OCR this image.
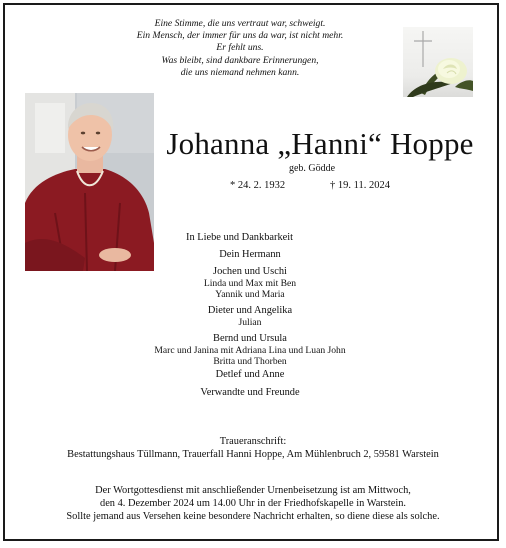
Eine Stimme, die uns vertraut war, schweigt.
Ein Mensch, der immer für uns da war, ist nicht mehr.
Er fehlt uns.
Was bleibt, sind dankbare Erinnerungen,
die uns niemand nehmen kann.
Johanna „Hanni“ Hoppe
geb. Gödde
* 24. 2. 1932	† 19. 11. 2024
In Liebe und Dankbarkeit
Dein Hermann
Jochen und Uschi
Linda und Max mit Ben
Yannik und Maria
Dieter und Angelika
Julian
Bernd und Ursula
Marc und Janina mit Adriana Lina und Luan John
Britta und Thorben
Detlef und Anne
Verwandte und Freunde
Traueranschrift:
Bestattungshaus Tüllmann, Trauerfall Hanni Hoppe, Am Mühlenbruch 2, 59581 Warstein
Der Wortgottesdienst mit anschließender Urnenbeisetzung ist am Mittwoch,
den 4. Dezember 2024 um 14.00 Uhr in der Friedhofskapelle in Warstein.
Sollte jemand aus Versehen keine besondere Nachricht erhalten, so diene diese als solche.
